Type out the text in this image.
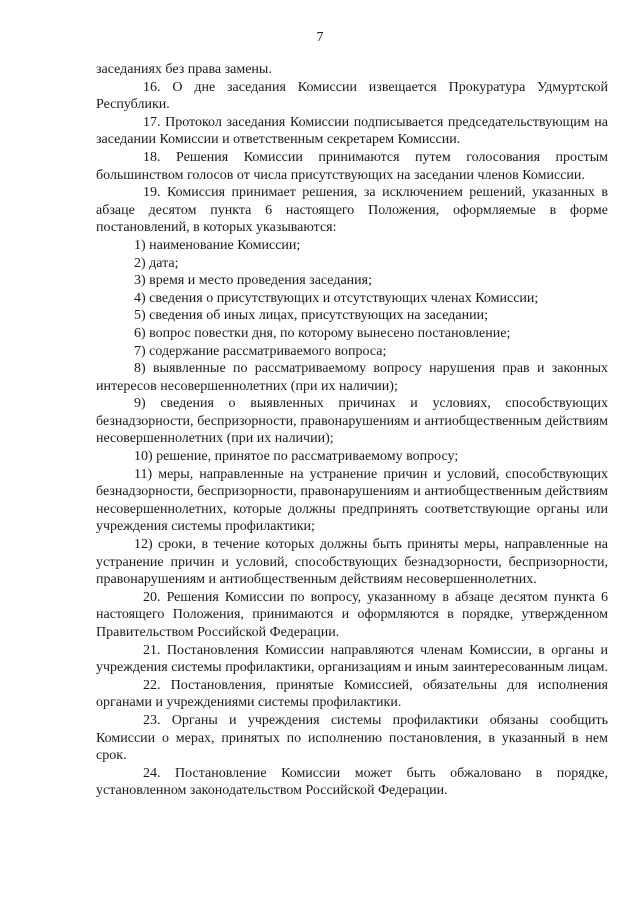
7

заседаниях без права замены.

16. О дне заседания Комиссии извещается Прокуратура Удмуртской Республики.

17. Протокол заседания Комиссии подписывается председательствующим на заседании Комиссии и ответственным секретарем Комиссии.

18. Решения Комиссии принимаются путем голосования простым большинством голосов от числа присутствующих на заседании членов Комиссии.

19. Комиссия принимает решения, за исключением решений, указанных в абзаце десятом пункта 6 настоящего Положения, оформляемые в форме постановлений, в которых указываются:

1) наименование Комиссии;

2) дата;

3) время и место проведения заседания;

4) сведения о присутствующих и отсутствующих членах Комиссии;

5) сведения об иных лицах, присутствующих на заседании;

6) вопрос повестки дня, по которому вынесено постановление;

7) содержание рассматриваемого вопроса;

8) выявленные по рассматриваемому вопросу нарушения прав и законных интересов несовершеннолетних (при их наличии);

9) сведения о выявленных причинах и условиях, способствующих безнадзорности, беспризорности, правонарушениям и антиобщественным действиям несовершеннолетних (при их наличии);

10) решение, принятое по рассматриваемому вопросу;

11) меры, направленные на устранение причин и условий, способствующих безнадзорности, беспризорности, правонарушениям и антиобщественным действиям несовершеннолетних, которые должны предпринять соответствующие органы или учреждения системы профилактики;

12) сроки, в течение которых должны быть приняты меры, направленные на устранение причин и условий, способствующих безнадзорности, беспризорности, правонарушениям и антиобщественным действиям несовершеннолетних.

20. Решения Комиссии по вопросу, указанному в абзаце десятом пункта 6 настоящего Положения, принимаются и оформляются в порядке, утвержденном Правительством Российской Федерации.

21. Постановления Комиссии направляются членам Комиссии, в органы и учреждения системы профилактики, организациям и иным заинтересованным лицам.

22. Постановления, принятые Комиссией, обязательны для исполнения органами и учреждениями системы профилактики.

23. Органы и учреждения системы профилактики обязаны сообщить Комиссии о мерах, принятых по исполнению постановления, в указанный в нем срок.

24. Постановление Комиссии может быть обжаловано в порядке, установленном законодательством Российской Федерации.
